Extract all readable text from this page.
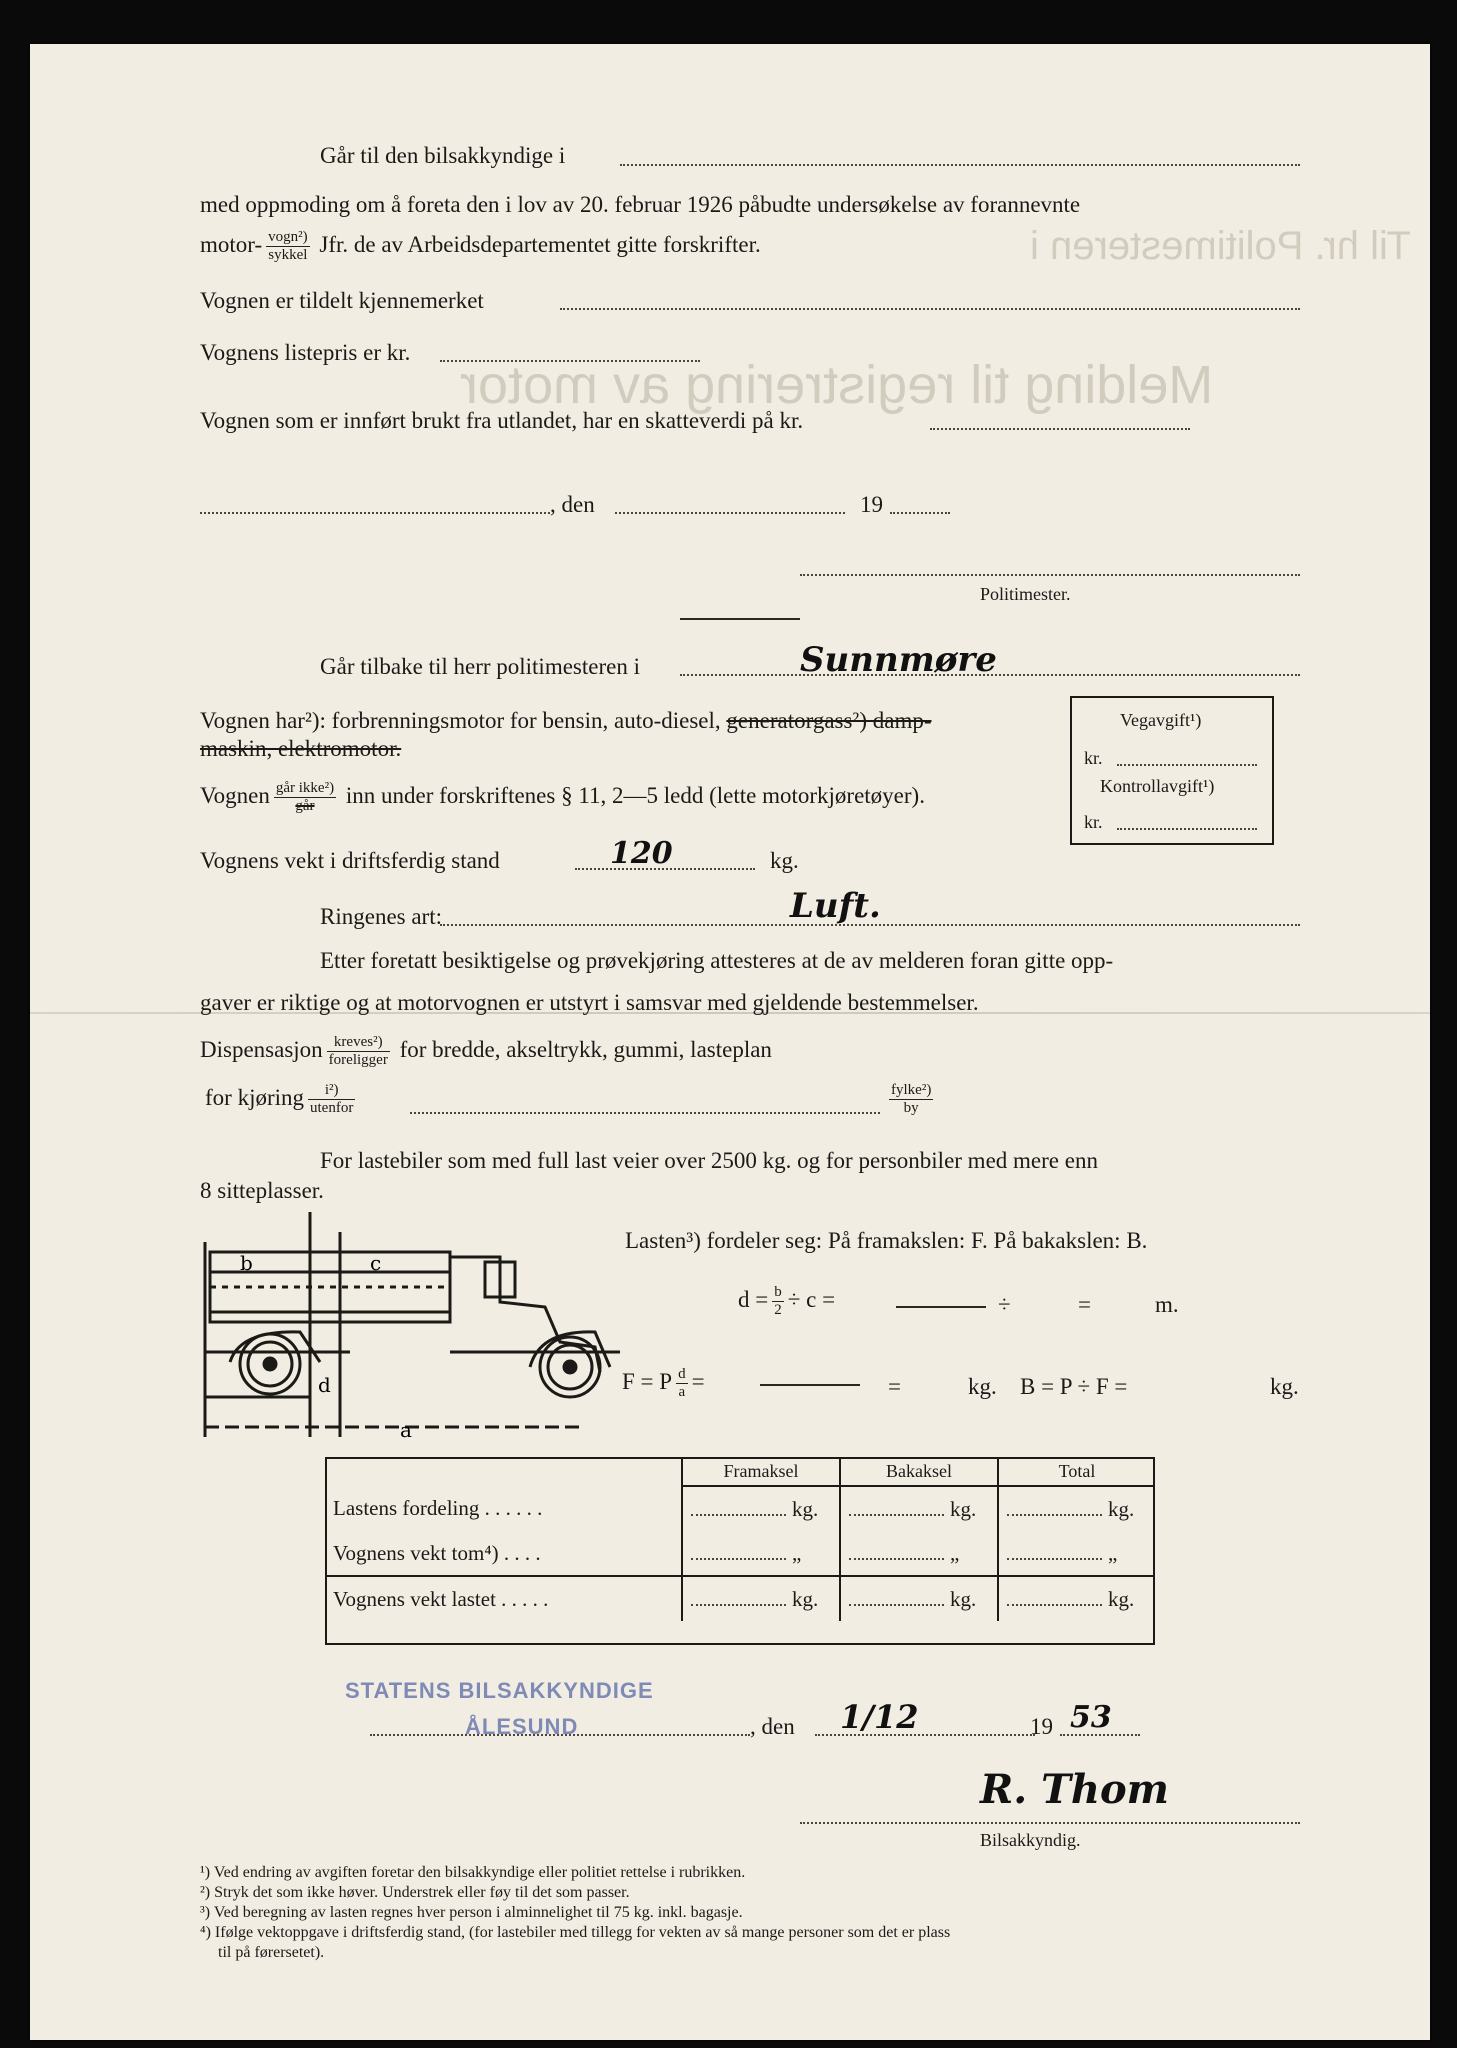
Til hr. Politimesteren i
Melding til registrering av motor
Går til den bilsakkyndige i
med oppmoding om å foreta den i lov av 20. februar 1926 påbudte undersøkelse av forannevnte
motor- $\frac{\text{vogn²)}}{\text{sykkel}}$ Jfr. de av Arbeidsdepartementet gitte forskrifter.
Vognen er tildelt kjennemerket
Vognens listepris er kr.
Vognen som er innført brukt fra utlandet, har en skatteverdi på kr.
, den	19
Politimester.
Går tilbake til herr politimesteren i	Sunnmøre
Vognen har²): forbrenningsmotor for bensin, auto-diesel, generatorgass²) damp-
maskin, elektromotor.
Vegavgift¹)
kr.
Kontrollavgift¹)
kr.
Vognen $\frac{\text{går ikke²)}}{\text{går}}$ inn under forskriftenes § 11, 2—5 ledd (lette motorkjøretøyer).
Vognens vekt i driftsferdig stand	120	kg.
Ringenes art:	Luft.
Etter foretatt besiktigelse og prøvekjøring attesteres at de av melderen foran gitte opp-
gaver er riktige og at motorvognen er utstyrt i samsvar med gjeldende bestemmelser.
Dispensasjon $\frac{\text{kreves²)}}{\text{foreligger}}$ for bredde, akseltrykk, gummi, lasteplan
for kjøring $\frac{\text{i²)}}{\text{utenfor}}$	$\frac{\text{fylke²)}}{by}$
For lastebiler som med full last veier over 2500 kg. og for personbiler med mere enn
8 sitteplasser.
b	c
a
d
Lasten³) fordeler seg: På framakslen: F. På bakakslen: B.
$d = \frac{b}{2} \div c$ =	÷	=	m.
F = P $\frac{d}{a}$ =	=	kg. B = P ÷ F =	kg.
	Framaksel	Bakaksel	Total
Lastens fordeling . . . . . .	kg.	kg.	kg.
Vognens vekt tom⁴) . . . .	„	„	„
Vognens vekt lastet . . . . .	kg.	kg.	kg.
STATENS BILSAKKYNDIGE
ÅLESUND	, den 1/12	19 53
R. Thom
Bilsakkyndig.
¹) Ved endring av avgiften foretar den bilsakkyndige eller politiet rettelse i rubrikken.
²) Stryk det som ikke høver. Understrek eller føy til det som passer.
³) Ved beregning av lasten regnes hver person i alminnelighet til 75 kg. inkl. bagasje.
⁴) Ifølge vektoppgave i driftsferdig stand, (for lastebiler med tillegg for vekten av så mange personer som det er plass
til på førersetet).
